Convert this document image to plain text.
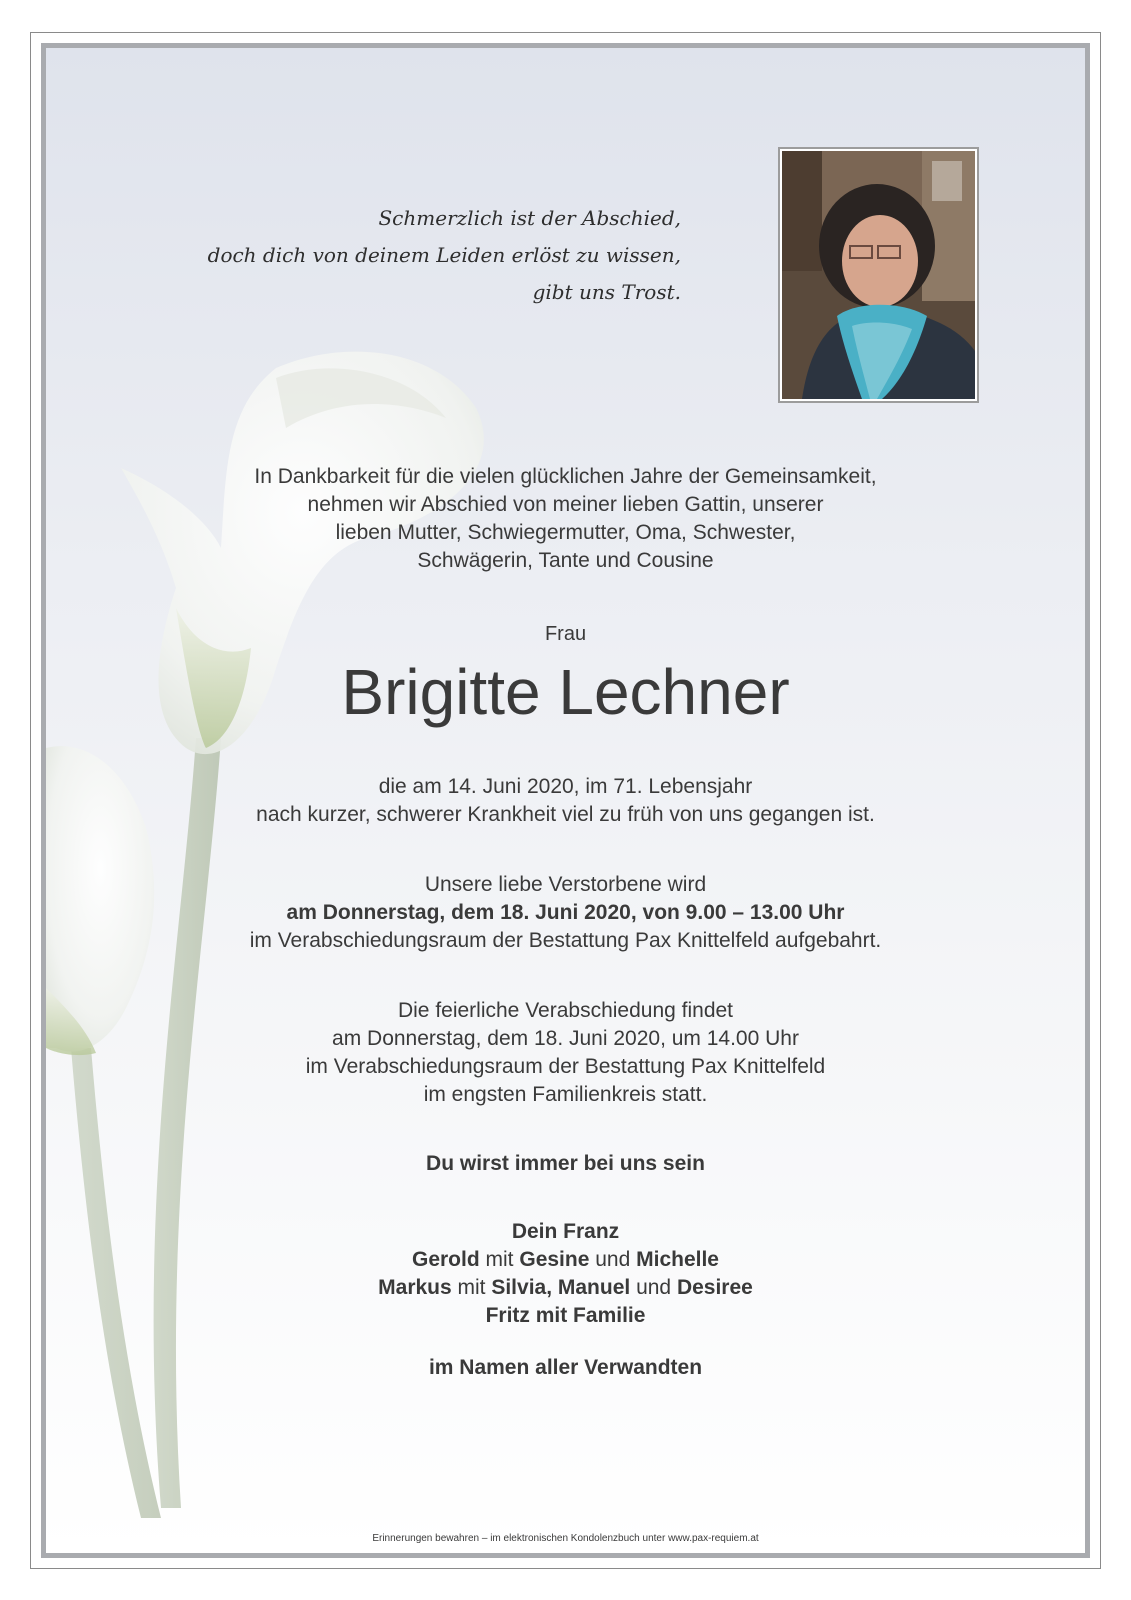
Schmerzlich ist der Abschied,
doch dich von deinem Leiden erlöst zu wissen,
gibt uns Trost.
In Dankbarkeit für die vielen glücklichen Jahre der Gemeinsamkeit,
nehmen wir Abschied von meiner lieben Gattin, unserer
lieben Mutter, Schwiegermutter, Oma, Schwester,
Schwägerin, Tante und Cousine
Frau
Brigitte Lechner
die am 14. Juni 2020, im 71. Lebensjahr
nach kurzer, schwerer Krankheit viel zu früh von uns gegangen ist.
Unsere liebe Verstorbene wird
am Donnerstag, dem 18. Juni 2020, von 9.00 – 13.00 Uhr
im Verabschiedungsraum der Bestattung Pax Knittelfeld aufgebahrt.
Die feierliche Verabschiedung findet
am Donnerstag, dem 18. Juni 2020, um 14.00 Uhr
im Verabschiedungsraum der Bestattung Pax Knittelfeld
im engsten Familienkreis statt.
Du wirst immer bei uns sein
Dein Franz
Gerold mit Gesine und Michelle
Markus mit Silvia, Manuel und Desiree
Fritz mit Familie
im Namen aller Verwandten
Erinnerungen bewahren – im elektronischen Kondolenzbuch unter www.pax-requiem.at
